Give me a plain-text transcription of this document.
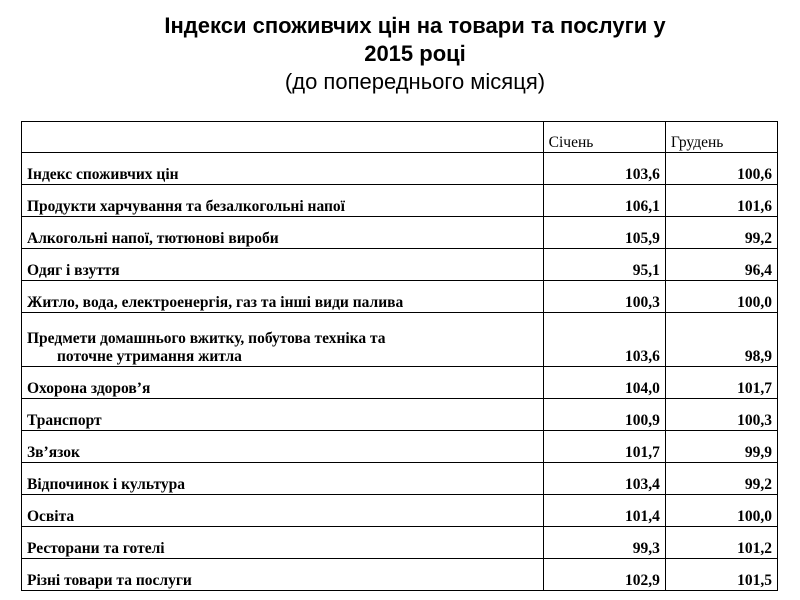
Індекси споживчих цін на товари та послуги у
2015 році
(до попереднього місяця)
	Січень	Грудень
Індекс споживчих цін	103,6	100,6
Продукти харчування та безалкогольні напої	106,1	101,6
Алкогольні напої, тютюнові вироби	105,9	99,2
Одяг і взуття	95,1	96,4
Житло, вода, електроенергія, газ та інші види палива	100,3	100,0
Предмети домашнього вжитку, побутова техніка та
поточне утримання житла	103,6	98,9
Охорона здоров’я	104,0	101,7
Транспорт	100,9	100,3
Зв’язок	101,7	99,9
Відпочинок і культура	103,4	99,2
Освіта	101,4	100,0
Ресторани та готелі	99,3	101,2
Різні товари та послуги	102,9	101,5
